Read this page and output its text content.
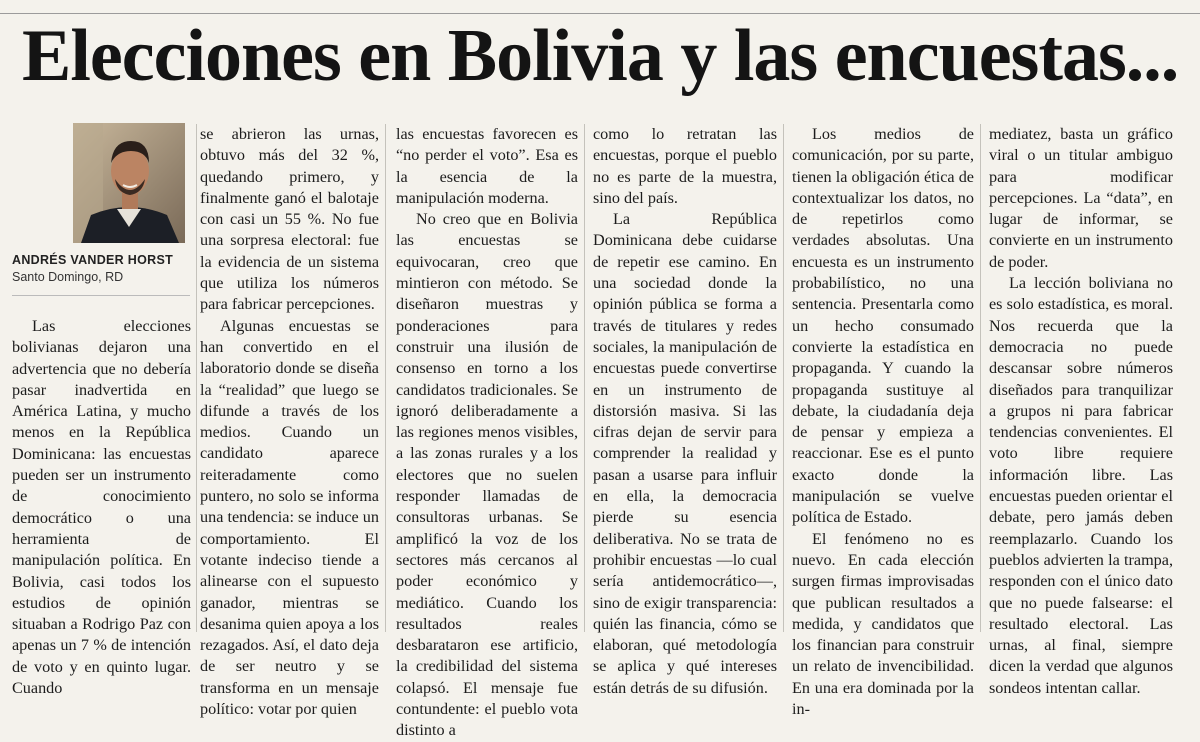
Elecciones en Bolivia y las encuestas...
ANDRÉS VANDER HORST
Santo Domingo, RD

Las elecciones bolivianas dejaron una advertencia que no debería pasar inadvertida en América Latina, y mucho menos en la República Dominicana: las encuestas pueden ser un instrumento de conocimiento democrático o una herramienta de manipulación política. En Bolivia, casi todos los estudios de opinión situaban a Rodrigo Paz con apenas un 7 % de intención de voto y en quinto lugar. Cuando

se abrieron las urnas, obtuvo más del 32 %, quedando primero, y finalmente ganó el balotaje con casi un 55 %. No fue una sorpresa electoral: fue la evidencia de un sistema que utiliza los números para fabricar percepciones.

Algunas encuestas se han convertido en el laboratorio donde se diseña la “realidad” que luego se difunde a través de los medios. Cuando un candidato aparece reiteradamente como puntero, no solo se informa una tendencia: se induce un comportamiento. El votante indeciso tiende a alinearse con el supuesto ganador, mientras se desanima quien apoya a los rezagados. Así, el dato deja de ser neutro y se transforma en un mensaje político: votar por quien

las encuestas favorecen es “no perder el voto”. Esa es la esencia de la manipulación moderna.

No creo que en Bolivia las encuestas se equivocaran, creo que mintieron con método. Se diseñaron muestras y ponderaciones para construir una ilusión de consenso en torno a los candidatos tradicionales. Se ignoró deliberadamente a las regiones menos visibles, a las zonas rurales y a los electores que no suelen responder llamadas de consultoras urbanas. Se amplificó la voz de los sectores más cercanos al poder económico y mediático. Cuando los resultados reales desbarataron ese artificio, la credibilidad del sistema colapsó. El mensaje fue contundente: el pueblo vota distinto a

como lo retratan las encuestas, porque el pueblo no es parte de la muestra, sino del país.

La República Dominicana debe cuidarse de repetir ese camino. En una sociedad donde la opinión pública se forma a través de titulares y redes sociales, la manipulación de encuestas puede convertirse en un instrumento de distorsión masiva. Si las cifras dejan de servir para comprender la realidad y pasan a usarse para influir en ella, la democracia pierde su esencia deliberativa. No se trata de prohibir encuestas —lo cual sería antidemocrático—, sino de exigir transparencia: quién las financia, cómo se elaboran, qué metodología se aplica y qué intereses están detrás de su difusión.

Los medios de comunicación, por su parte, tienen la obligación ética de contextualizar los datos, no de repetirlos como verdades absolutas. Una encuesta es un instrumento probabilístico, no una sentencia. Presentarla como un hecho consumado convierte la estadística en propaganda. Y cuando la propaganda sustituye al debate, la ciudadanía deja de pensar y empieza a reaccionar. Ese es el punto exacto donde la manipulación se vuelve política de Estado.

El fenómeno no es nuevo. En cada elección surgen firmas improvisadas que publican resultados a medida, y candidatos que los financian para construir un relato de invencibilidad. En una era dominada por la in-

mediatez, basta un gráfico viral o un titular ambiguo para modificar percepciones. La “data”, en lugar de informar, se convierte en un instrumento de poder.

La lección boliviana no es solo estadística, es moral. Nos recuerda que la democracia no puede descansar sobre números diseñados para tranquilizar a grupos ni para fabricar tendencias convenientes. El voto libre requiere información libre. Las encuestas pueden orientar el debate, pero jamás deben reemplazarlo. Cuando los pueblos advierten la trampa, responden con el único dato que no puede falsearse: el resultado electoral. Las urnas, al final, siempre dicen la verdad que algunos sondeos intentan callar.
